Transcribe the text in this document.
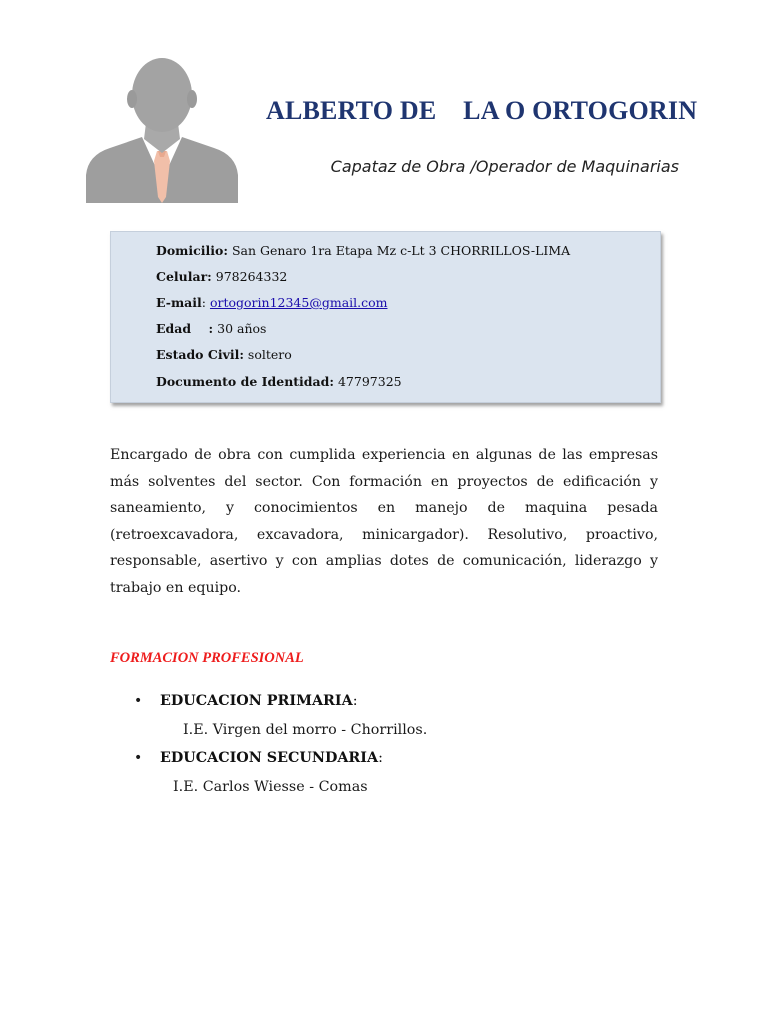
ALBERTO DE    LA O ORTOGORIN

Capataz de Obra /Operador de Maquinarias

Domicilio: San Genaro 1ra Etapa Mz c-Lt 3 CHORRILLOS-LIMA

Celular: 978264332

E-mail: ortogorin12345@gmail.com

Edad    : 30 años

Estado Civil: soltero

Documento de Identidad: 47797325

Encargado de obra con cumplida experiencia en algunas de las empresas más solventes del sector. Con formación en proyectos de edificación y saneamiento, y conocimientos en manejo de maquina pesada (retroexcavadora, excavadora, minicargador). Resolutivo, proactivo, responsable, asertivo y con amplias dotes de comunicación, liderazgo y trabajo en equipo.

FORMACION PROFESIONAL
• EDUCACION PRIMARIA:

I.E. Virgen del morro - Chorrillos.

• EDUCACION SECUNDARIA:

I.E. Carlos Wiesse - Comas
